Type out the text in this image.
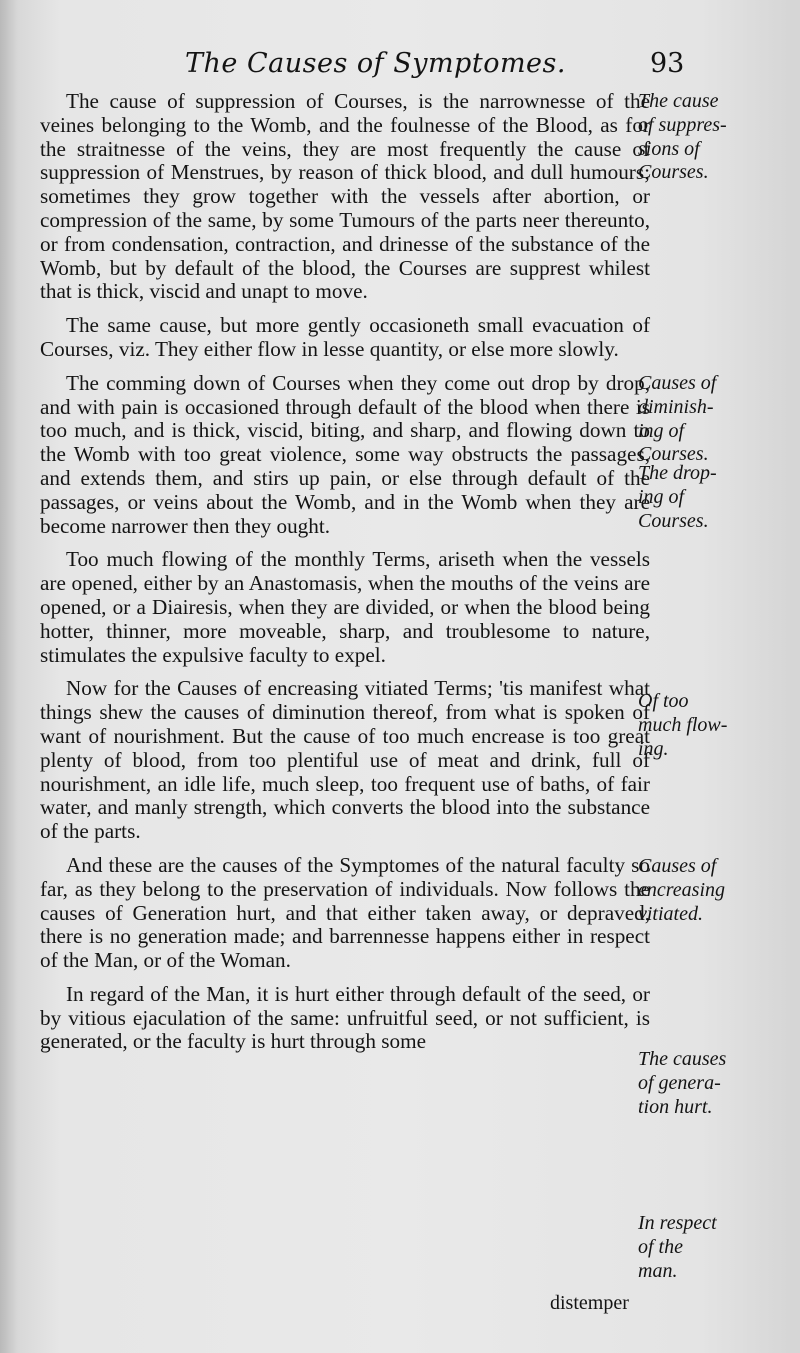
The Causes of Symptomes.	93

The cause of suppression of Courses, is the narrownesse of the veines belonging to the Womb, and the foulnesse of the Blood, as for the straitnesse of the veins, they are most frequently the cause of suppression of Menstrues, by reason of thick blood, and dull humours; sometimes they grow together with the vessels after abortion, or compression of the same, by some Tumours of the parts neer thereunto, or from condensation, contraction, and drinesse of the substance of the Womb, but by default of the blood, the Courses are supprest whilest that is thick, viscid and unapt to move.

The same cause, but more gently occasioneth small evacuation of Courses, viz. They either flow in lesse quantity, or else more slowly.

The comming down of Courses when they come out drop by drop, and with pain is occasioned through default of the blood when there is too much, and is thick, viscid, biting, and sharp, and flowing down to the Womb with too great violence, some way obstructs the passages, and extends them, and stirs up pain, or else through default of the passages, or veins about the Womb, and in the Womb when they are become narrower then they ought.

Too much flowing of the monthly Terms, ariseth when the vessels are opened, either by an Anastomasis, when the mouths of the veins are opened, or a Diairesis, when they are divided, or when the blood being hotter, thinner, more moveable, sharp, and troublesome to nature, stimulates the expulsive faculty to expel.

Now for the Causes of encreasing vitiated Terms; 'tis manifest what things shew the causes of diminution thereof, from what is spoken of want of nourishment. But the cause of too much encrease is too great plenty of blood, from too plentiful use of meat and drink, full of nourishment, an idle life, much sleep, too frequent use of baths, of fair water, and manly strength, which converts the blood into the substance of the parts.

And these are the causes of the Symptomes of the natural faculty so far, as they belong to the preservation of individuals. Now follows the causes of Generation hurt, and that either taken away, or depraved, there is no generation made; and barrennesse happens either in respect of the Man, or of the Woman.

In regard of the Man, it is hurt either through default of the seed, or by vitious ejaculation of the same: unfruitful seed, or not sufficient, is generated, or the faculty is hurt through some

The cause
of suppres-
sions of
Courses.
Causes of
diminish-
ing of
Courses.
The drop-
ing of
Courses.
Of too
much flow-
ing.
Causes of
encreasing
vitiated.
The causes
of genera-
tion hurt.
In respect
of the
man.
distemper
